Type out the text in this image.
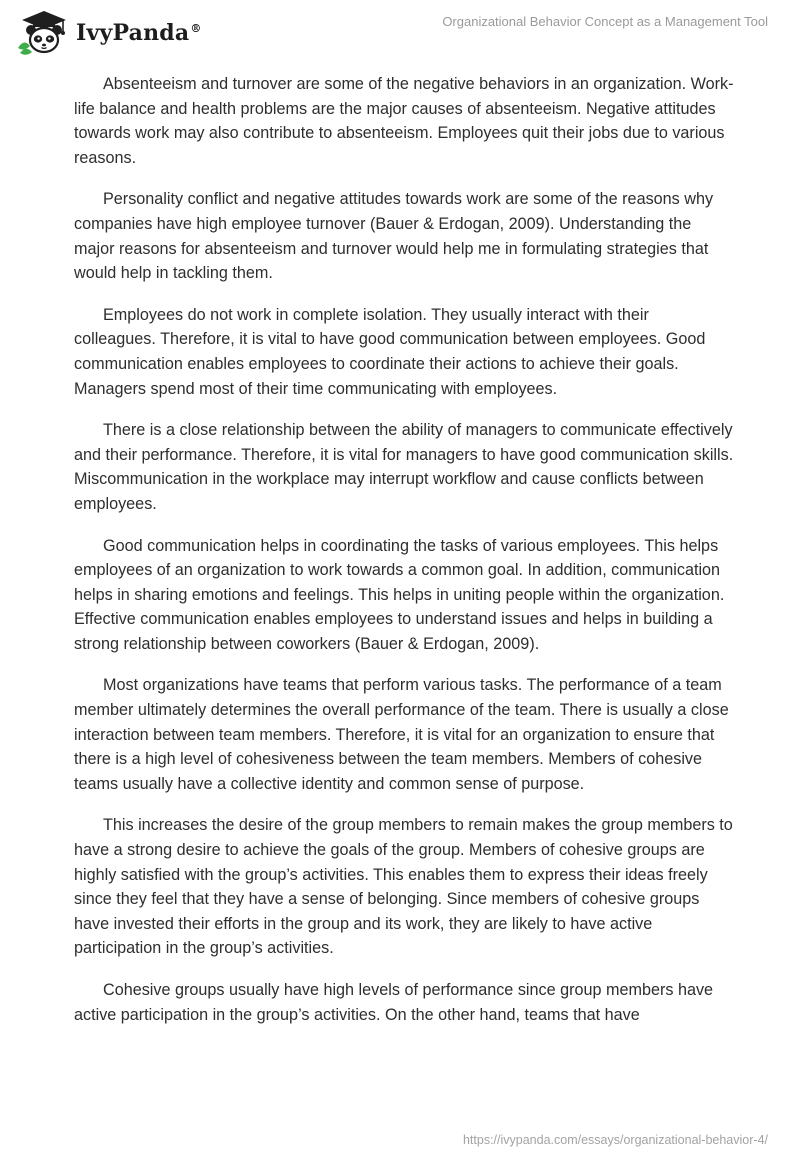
IvyPanda®	Organizational Behavior Concept as a Management Tool

Absenteeism and turnover are some of the negative behaviors in an organization. Work-life balance and health problems are the major causes of absenteeism. Negative attitudes towards work may also contribute to absenteeism. Employees quit their jobs due to various reasons.

Personality conflict and negative attitudes towards work are some of the reasons why companies have high employee turnover (Bauer & Erdogan, 2009). Understanding the major reasons for absenteeism and turnover would help me in formulating strategies that would help in tackling them.

Employees do not work in complete isolation. They usually interact with their colleagues. Therefore, it is vital to have good communication between employees. Good communication enables employees to coordinate their actions to achieve their goals. Managers spend most of their time communicating with employees.

There is a close relationship between the ability of managers to communicate effectively and their performance. Therefore, it is vital for managers to have good communication skills. Miscommunication in the workplace may interrupt workflow and cause conflicts between employees.

Good communication helps in coordinating the tasks of various employees. This helps employees of an organization to work towards a common goal. In addition, communication helps in sharing emotions and feelings. This helps in uniting people within the organization. Effective communication enables employees to understand issues and helps in building a strong relationship between coworkers (Bauer & Erdogan, 2009).

Most organizations have teams that perform various tasks. The performance of a team member ultimately determines the overall performance of the team. There is usually a close interaction between team members. Therefore, it is vital for an organization to ensure that there is a high level of cohesiveness between the team members. Members of cohesive teams usually have a collective identity and common sense of purpose.

This increases the desire of the group members to remain makes the group members to have a strong desire to achieve the goals of the group. Members of cohesive groups are highly satisfied with the group’s activities. This enables them to express their ideas freely since they feel that they have a sense of belonging. Since members of cohesive groups have invested their efforts in the group and its work, they are likely to have active participation in the group’s activities.

Cohesive groups usually have high levels of performance since group members have active participation in the group’s activities. On the other hand, teams that have

https://ivypanda.com/essays/organizational-behavior-4/
